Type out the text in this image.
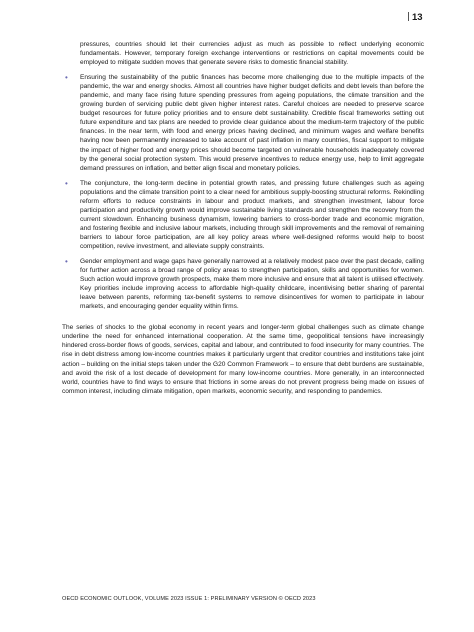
13

pressures, countries should let their currencies adjust as much as possible to reflect underlying economic fundamentals. However, temporary foreign exchange interventions or restrictions on capital movements could be employed to mitigate sudden moves that generate severe risks to domestic financial stability.

• Ensuring the sustainability of the public finances has become more challenging due to the multiple impacts of the pandemic, the war and energy shocks. Almost all countries have higher budget deficits and debt levels than before the pandemic, and many face rising future spending pressures from ageing populations, the climate transition and the growing burden of servicing public debt given higher interest rates. Careful choices are needed to preserve scarce budget resources for future policy priorities and to ensure debt sustainability. Credible fiscal frameworks setting out future expenditure and tax plans are needed to provide clear guidance about the medium-term trajectory of the public finances. In the near term, with food and energy prices having declined, and minimum wages and welfare benefits having now been permanently increased to take account of past inflation in many countries, fiscal support to mitigate the impact of higher food and energy prices should become targeted on vulnerable households inadequately covered by the general social protection system. This would preserve incentives to reduce energy use, help to limit aggregate demand pressures on inflation, and better align fiscal and monetary policies.

• The conjuncture, the long-term decline in potential growth rates, and pressing future challenges such as ageing populations and the climate transition point to a clear need for ambitious supply-boosting structural reforms. Rekindling reform efforts to reduce constraints in labour and product markets, and strengthen investment, labour force participation and productivity growth would improve sustainable living standards and strengthen the recovery from the current slowdown. Enhancing business dynamism, lowering barriers to cross-border trade and economic migration, and fostering flexible and inclusive labour markets, including through skill improvements and the removal of remaining barriers to labour force participation, are all key policy areas where well-designed reforms would help to boost competition, revive investment, and alleviate supply constraints.

• Gender employment and wage gaps have generally narrowed at a relatively modest pace over the past decade, calling for further action across a broad range of policy areas to strengthen participation, skills and opportunities for women. Such action would improve growth prospects, make them more inclusive and ensure that all talent is utilised effectively. Key priorities include improving access to affordable high-quality childcare, incentivising better sharing of parental leave between parents, reforming tax-benefit systems to remove disincentives for women to participate in labour markets, and encouraging gender equality within firms.

The series of shocks to the global economy in recent years and longer-term global challenges such as climate change underline the need for enhanced international cooperation. At the same time, geopolitical tensions have increasingly hindered cross-border flows of goods, services, capital and labour, and contributed to food insecurity for many countries. The rise in debt distress among low-income countries makes it particularly urgent that creditor countries and institutions take joint action – building on the initial steps taken under the G20 Common Framework – to ensure that debt burdens are sustainable, and avoid the risk of a lost decade of development for many low-income countries. More generally, in an interconnected world, countries have to find ways to ensure that frictions in some areas do not prevent progress being made on issues of common interest, including climate mitigation, open markets, economic security, and responding to pandemics.

OECD ECONOMIC OUTLOOK, VOLUME 2023 ISSUE 1: PRELIMINARY VERSION © OECD 2023
